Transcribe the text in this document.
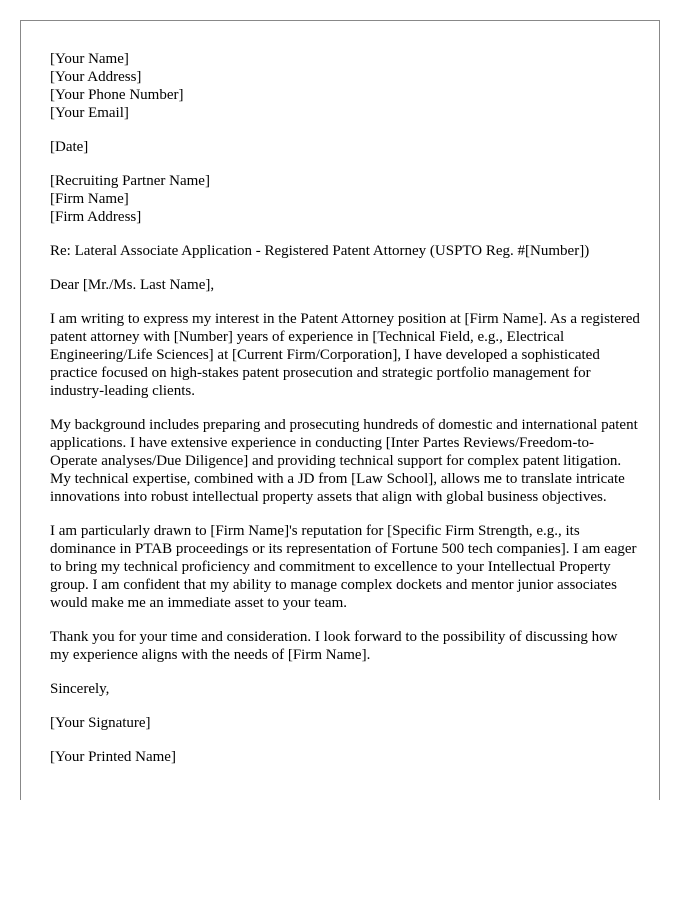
[Your Name]
[Your Address]
[Your Phone Number]
[Your Email]
[Date]
[Recruiting Partner Name]
[Firm Name]
[Firm Address]
Re: Lateral Associate Application - Registered Patent Attorney (USPTO Reg. #[Number])
Dear [Mr./Ms. Last Name],

I am writing to express my interest in the Patent Attorney position at [Firm Name]. As a registered patent attorney with [Number] years of experience in [Technical Field, e.g., Electrical Engineering/Life Sciences] at [Current Firm/Corporation], I have developed a sophisticated practice focused on high-stakes patent prosecution and strategic portfolio management for industry-leading clients.

My background includes preparing and prosecuting hundreds of domestic and international patent applications. I have extensive experience in conducting [Inter Partes Reviews/Freedom-to-Operate analyses/Due Diligence] and providing technical support for complex patent litigation. My technical expertise, combined with a JD from [Law School], allows me to translate intricate innovations into robust intellectual property assets that align with global business objectives.

I am particularly drawn to [Firm Name]'s reputation for [Specific Firm Strength, e.g., its dominance in PTAB proceedings or its representation of Fortune 500 tech companies]. I am eager to bring my technical proficiency and commitment to excellence to your Intellectual Property group. I am confident that my ability to manage complex dockets and mentor junior associates would make me an immediate asset to your team.

Thank you for your time and consideration. I look forward to the possibility of discussing how my experience aligns with the needs of [Firm Name].

Sincerely,
[Your Signature]
[Your Printed Name]
